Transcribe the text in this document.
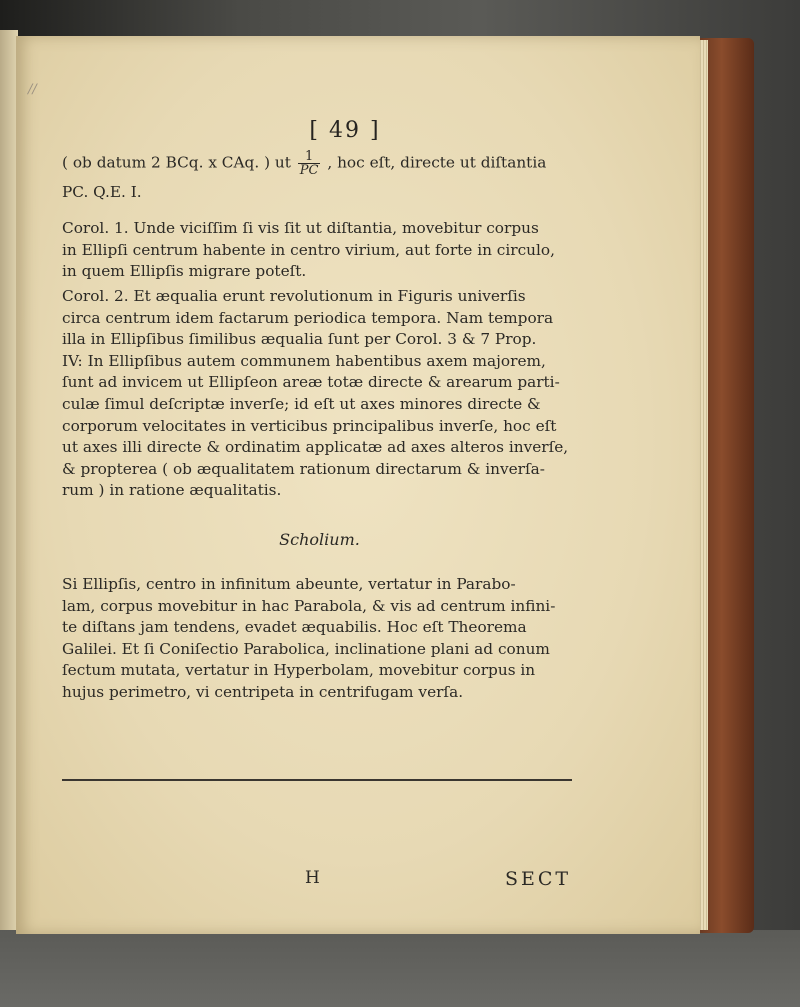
//
[ 49 ]
( ob datum 2 BCq. x CAq. ) ut $\frac{1}{PC}$ , hoc eſt, directe ut diſtantia
PC. Q.E. I.
Corol. 1. Unde viciſſim ſi vis ſit ut diſtantia, movebitur corpus
in Ellipſi centrum habente in centro virium, aut forte in circulo,
in quem Ellipſis migrare poteſt.
Corol. 2. Et æqualia erunt revolutionum in Figuris univerſis
circa centrum idem factarum periodica tempora. Nam tempora
illa in Ellipſibus ſimilibus æqualia ſunt per Corol. 3 & 7 Prop.
IV: In Ellipſibus autem communem habentibus axem majorem,
ſunt ad invicem ut Ellipſeon areæ totæ directe & arearum parti-
culæ ſimul deſcriptæ inverſe; id eſt ut axes minores directe &
corporum velocitates in verticibus principalibus inverſe, hoc eſt
ut axes illi directe & ordinatim applicatæ ad axes alteros inverſe,
& propterea ( ob æqualitatem rationum directarum & inverſa-
rum ) in ratione æqualitatis.
Scholium.
Si Ellipſis, centro in infinitum abeunte, vertatur in Parabo-
lam, corpus movebitur in hac Parabola, & vis ad centrum infini-
te diſtans jam tendens, evadet æquabilis. Hoc eſt Theorema
Galilei. Et ſi Coniſectio Parabolica, inclinatione plani ad conum
ſectum mutata, vertatur in Hyperbolam, movebitur corpus in
hujus perimetro, vi centripeta in centrifugam verſa.
H	SECT
